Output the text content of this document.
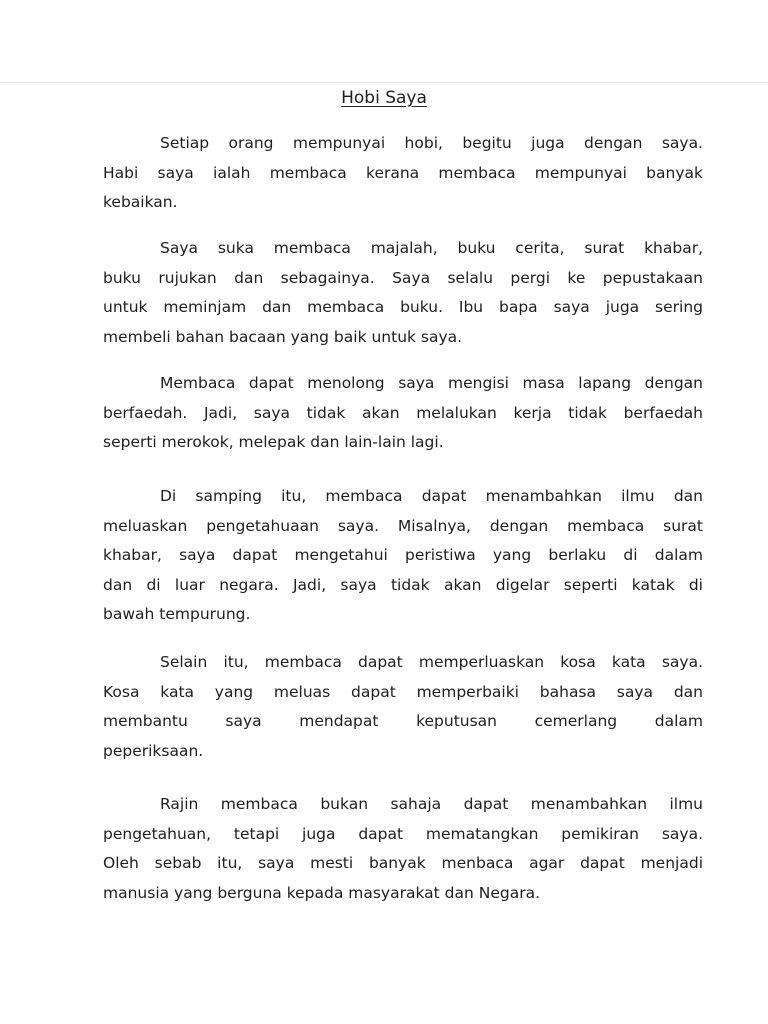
Hobi Saya
Setiap orang mempunyai hobi, begitu juga dengan saya.
Habi saya ialah membaca kerana membaca mempunyai banyak
kebaikan.
Saya suka membaca majalah, buku cerita, surat khabar,
buku rujukan dan sebagainya. Saya selalu pergi ke pepustakaan
untuk meminjam dan membaca buku. Ibu bapa saya juga sering
membeli bahan bacaan yang baik untuk saya.
Membaca dapat menolong saya mengisi masa lapang dengan
berfaedah. Jadi, saya tidak akan melalukan kerja tidak berfaedah
seperti merokok, melepak dan lain-lain lagi.
Di samping itu, membaca dapat menambahkan ilmu dan
meluaskan pengetahuaan saya. Misalnya, dengan membaca surat
khabar, saya dapat mengetahui peristiwa yang berlaku di dalam
dan di luar negara. Jadi, saya tidak akan digelar seperti katak di
bawah tempurung.
Selain itu, membaca dapat memperluaskan kosa kata saya.
Kosa kata yang meluas dapat memperbaiki bahasa saya dan
membantu saya mendapat keputusan cemerlang dalam
peperiksaan.
Rajin membaca bukan sahaja dapat menambahkan ilmu
pengetahuan, tetapi juga dapat mematangkan pemikiran saya.
Oleh sebab itu, saya mesti banyak menbaca agar dapat menjadi
manusia yang berguna kepada masyarakat dan Negara.
